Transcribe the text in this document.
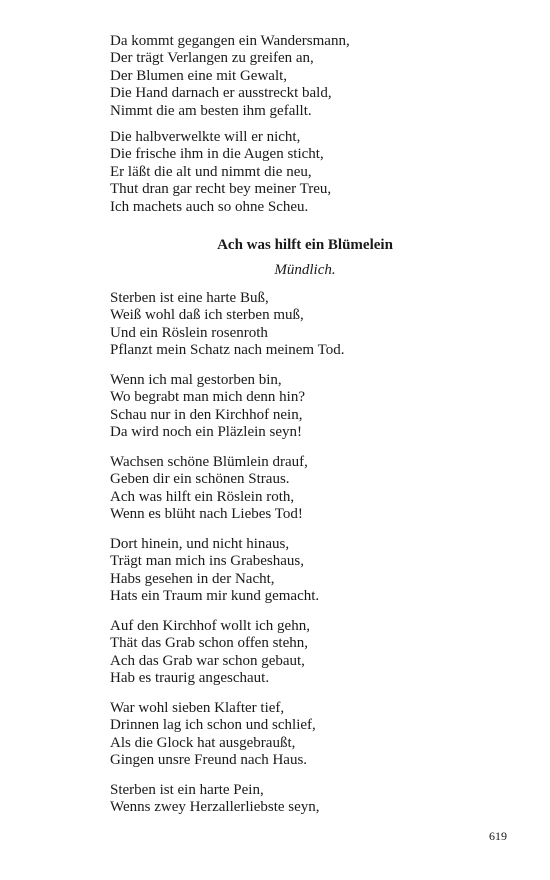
Da kommt gegangen ein Wandersmann,
Der trägt Verlangen zu greifen an,
Der Blumen eine mit Gewalt,
Die Hand darnach er ausstreckt bald,
Nimmt die am besten ihm gefallt.
Die halbverwelkte will er nicht,
Die frische ihm in die Augen sticht,
Er läßt die alt und nimmt die neu,
Thut dran gar recht bey meiner Treu,
Ich machets auch so ohne Scheu.
Ach was hilft ein Blümelein
Mündlich.
Sterben ist eine harte Buß,
Weiß wohl daß ich sterben muß,
Und ein Röslein rosenroth
Pflanzt mein Schatz nach meinem Tod.
Wenn ich mal gestorben bin,
Wo begrabt man mich denn hin?
Schau nur in den Kirchhof nein,
Da wird noch ein Pläzlein seyn!
Wachsen schöne Blümlein drauf,
Geben dir ein schönen Straus.
Ach was hilft ein Röslein roth,
Wenn es blüht nach Liebes Tod!
Dort hinein, und nicht hinaus,
Trägt man mich ins Grabeshaus,
Habs gesehen in der Nacht,
Hats ein Traum mir kund gemacht.
Auf den Kirchhof wollt ich gehn,
Thät das Grab schon offen stehn,
Ach das Grab war schon gebaut,
Hab es traurig angeschaut.
War wohl sieben Klafter tief,
Drinnen lag ich schon und schlief,
Als die Glock hat ausgebraußt,
Gingen unsre Freund nach Haus.
Sterben ist ein harte Pein,
Wenns zwey Herzallerliebste seyn,
619
